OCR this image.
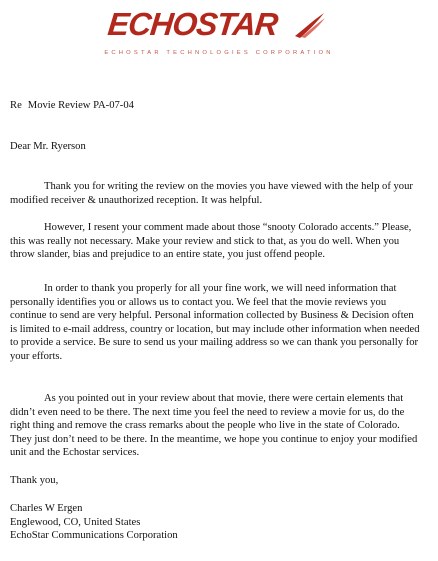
ECHOSTAR
ECHOSTAR TECHNOLOGIES CORPORATION
Re Movie Review PA-07-04
Dear Mr. Ryerson

Thank you for writing the review on the movies you have viewed with the help of your modified receiver & unauthorized reception. It was helpful.

However, I resent your comment made about those “snooty Colorado accents.” Please, this was really not necessary. Make your review and stick to that, as you do well. When you throw slander, bias and prejudice to an entire state, you just offend people.

In order to thank you properly for all your fine work, we will need information that personally identifies you or allows us to contact you. We feel that the movie reviews you continue to send are very helpful. Personal information collected by Business & Decision often is limited to e-mail address, country or location, but may include other information when needed to provide a service. Be sure to send us your mailing address so we can thank you personally for your efforts.

As you pointed out in your review about that movie, there were certain elements that didn’t even need to be there. The next time you feel the need to review a movie for us, do the right thing and remove the crass remarks about the people who live in the state of Colorado. They just don’t need to be there. In the meantime, we hope you continue to enjoy your modified unit and the Echostar services.

Thank you,
Charles W Ergen
Englewood, CO, United States
EchoStar Communications Corporation
